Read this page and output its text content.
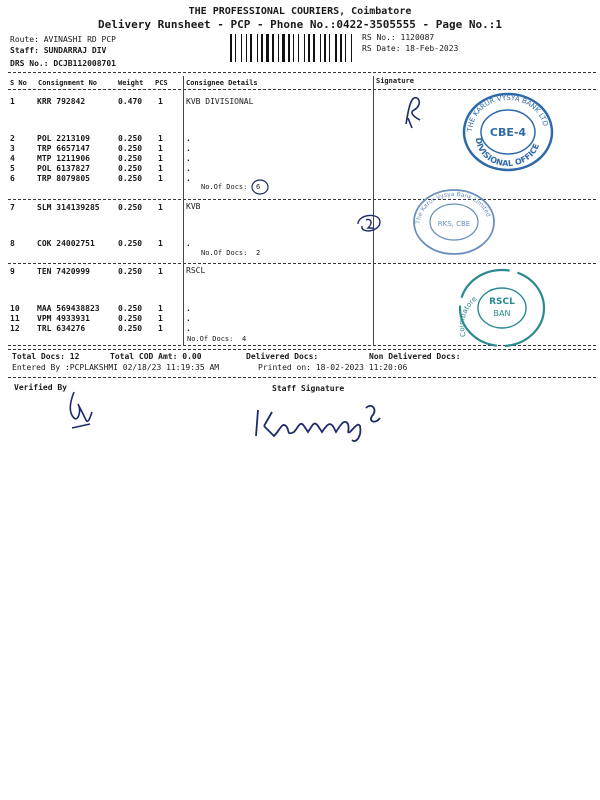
THE PROFESSIONAL COURIERS, Coimbatore
Delivery Runsheet - PCP - Phone No.:0422-3505555 - Page No.:1
Route: AVINASHI RD PCP
Staff: SUNDARRAJ DIV
DRS No.: DCJB112008701
RS No.: 1120087
RS Date: 18-Feb-2023
S No Consignment No	Weight PCS	Consignee Details	Signature
1	KRR 792842	0.470 1	KVB DIVISIONAL
2	POL 2213109	0.250 1	.
3	TRP 6657147	0.250 1	.
4	MTP 1211906	0.250 1	.
5	POL 6137827	0.250 1	.
6	TRP 8079805	0.250 1	.
No.Of Docs: 6
7	SLM 314139285 0.250 1	KVB
8	COK 24002751	0.250 1	.
No.Of Docs: 2
9	TEN 7420999	0.250 1	RSCL
10 MAA 569438823 0.250 1	.
11 VPM 4933931	0.250 1	.
12 TRL 634276	0.250 1	.
No.Of Docs: 4
THE KARUR VYSYA BANK LTD
CBE-4
DIVISIONAL OFFICE
The Karur Vysya Bank Limited
RKS, CBE
Coimbatore RSCL
BAN
Total Docs: 12	Total COD Amt: 0.00	Delivered Docs:	Non Delivered Docs:
Entered By :PCPLAKSHMI 02/18/23 11:19:35 AM	Printed on: 18-02-2023 11:20:06
Verified By	Staff Signature
